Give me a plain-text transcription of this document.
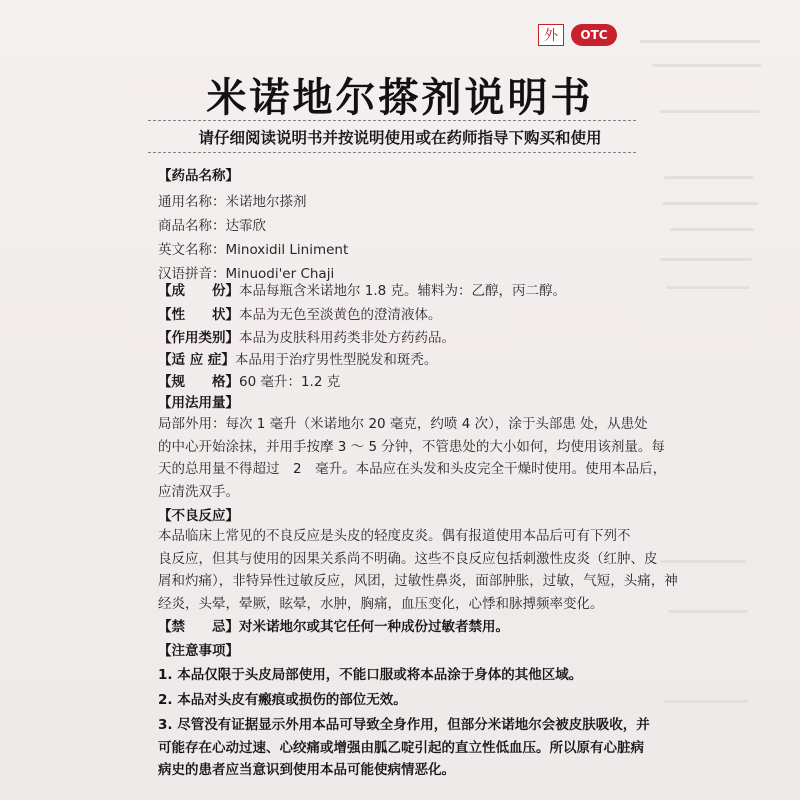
外	OTC
米诺地尔搽剂说明书
请仔细阅读说明书并按说明使用或在药师指导下购买和使用
【药品名称】
通用名称：米诺地尔搽剂
商品名称：达霏欣
英文名称：Minoxidil Liniment
汉语拼音：Minuodi'er Chaji
【成　　份】本品每瓶含米诺地尔 1.8 克。辅料为：乙醇，丙二醇。
【性　　状】本品为无色至淡黄色的澄清液体。
【作用类别】本品为皮肤科用药类非处方药药品。
【适 应 症】本品用于治疗男性型脱发和斑秃。
【规　　格】60 毫升：1.2 克
【用法用量】
局部外用：每次 1 毫升（米诺地尔 20 毫克，约喷 4 次），涂于头部患 处，从患处
的中心开始涂抹，并用手按摩 3 ～ 5 分钟，不管患处的大小如何，均使用该剂量。每
天的总用量不得超过　2　毫升。本品应在头发和头皮完全干燥时使用。使用本品后，
应清洗双手。
【不良反应】
本品临床上常见的不良反应是头皮的轻度皮炎。偶有报道使用本品后可有下列不
良反应，但其与使用的因果关系尚不明确。这些不良反应包括刺激性皮炎（红肿、皮
屑和灼痛），非特异性过敏反应，风团，过敏性鼻炎，面部肿胀，过敏，气短，头痛，神
经炎，头晕，晕厥，眩晕，水肿，胸痛，血压变化，心悸和脉搏频率变化。
【禁　　忌】对米诺地尔或其它任何一种成份过敏者禁用。
【注意事项】
1. 本品仅限于头皮局部使用，不能口服或将本品涂于身体的其他区域。
2. 本品对头皮有瘢痕或损伤的部位无效。
3. 尽管没有证据显示外用本品可导致全身作用，但部分米诺地尔会被皮肤吸收，并
可能存在心动过速、心绞痛或增强由胍乙啶引起的直立性低血压。所以原有心脏病
病史的患者应当意识到使用本品可能使病情恶化。
